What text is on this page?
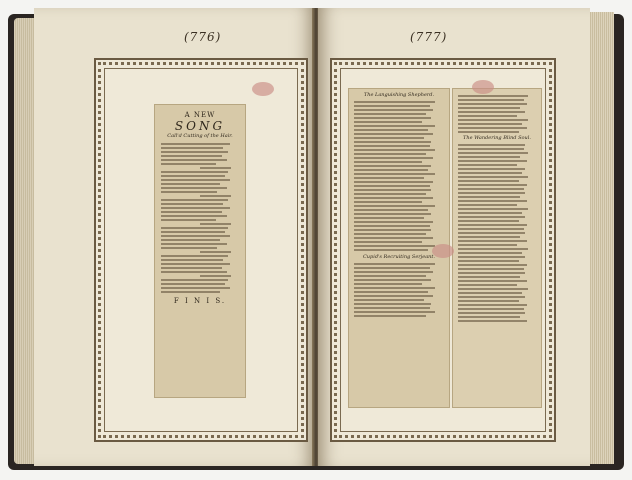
(776)
A NEW
SONG
Call'd Cutting of the Hair.
F I N I S.
(777)
The Languishing Shepherd.
Cupid's Recruiting Serjeant.
The Wandering Blind Soul.
